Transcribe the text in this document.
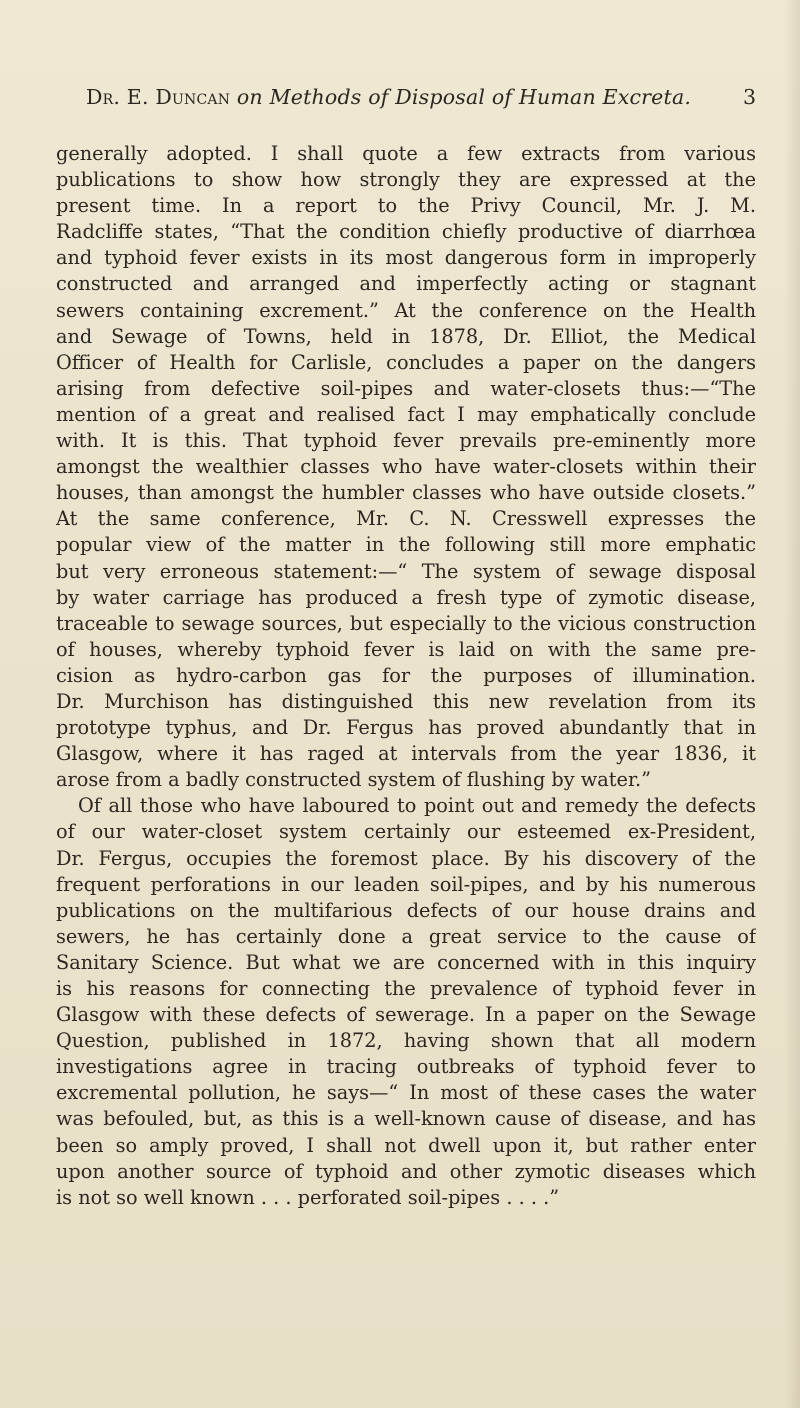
Dr. E. Duncan on Methods of Disposal of Human Excreta.	3
generally adopted. I shall quote a few extracts from various
publications to show how strongly they are expressed at the
present time. In a report to the Privy Council, Mr. J. M.
Radcliffe states, “That the condition chiefly productive of diarrhœa
and typhoid fever exists in its most dangerous form in improperly
constructed and arranged and imperfectly acting or stagnant
sewers containing excrement.” At the conference on the Health
and Sewage of Towns, held in 1878, Dr. Elliot, the Medical
Officer of Health for Carlisle, concludes a paper on the dangers
arising from defective soil-pipes and water-closets thus:—“The
mention of a great and realised fact I may emphatically conclude
with. It is this. That typhoid fever prevails pre-eminently more
amongst the wealthier classes who have water-closets within their
houses, than amongst the humbler classes who have outside closets.”
At the same conference, Mr. C. N. Cresswell expresses the
popular view of the matter in the following still more emphatic
but very erroneous statement:—“ The system of sewage disposal
by water carriage has produced a fresh type of zymotic disease,
traceable to sewage sources, but especially to the vicious construction
of houses, whereby typhoid fever is laid on with the same pre-
cision as hydro-carbon gas for the purposes of illumination.
Dr. Murchison has distinguished this new revelation from its
prototype typhus, and Dr. Fergus has proved abundantly that in
Glasgow, where it has raged at intervals from the year 1836, it
arose from a badly constructed system of flushing by water.”
Of all those who have laboured to point out and remedy the defects
of our water-closet system certainly our esteemed ex-President,
Dr. Fergus, occupies the foremost place. By his discovery of the
frequent perforations in our leaden soil-pipes, and by his numerous
publications on the multifarious defects of our house drains and
sewers, he has certainly done a great service to the cause of
Sanitary Science. But what we are concerned with in this inquiry
is his reasons for connecting the prevalence of typhoid fever in
Glasgow with these defects of sewerage. In a paper on the Sewage
Question, published in 1872, having shown that all modern
investigations agree in tracing outbreaks of typhoid fever to
excremental pollution, he says—“ In most of these cases the water
was befouled, but, as this is a well-known cause of disease, and has
been so amply proved, I shall not dwell upon it, but rather enter
upon another source of typhoid and other zymotic diseases which
is not so well known . . . perforated soil-pipes . . . .”
